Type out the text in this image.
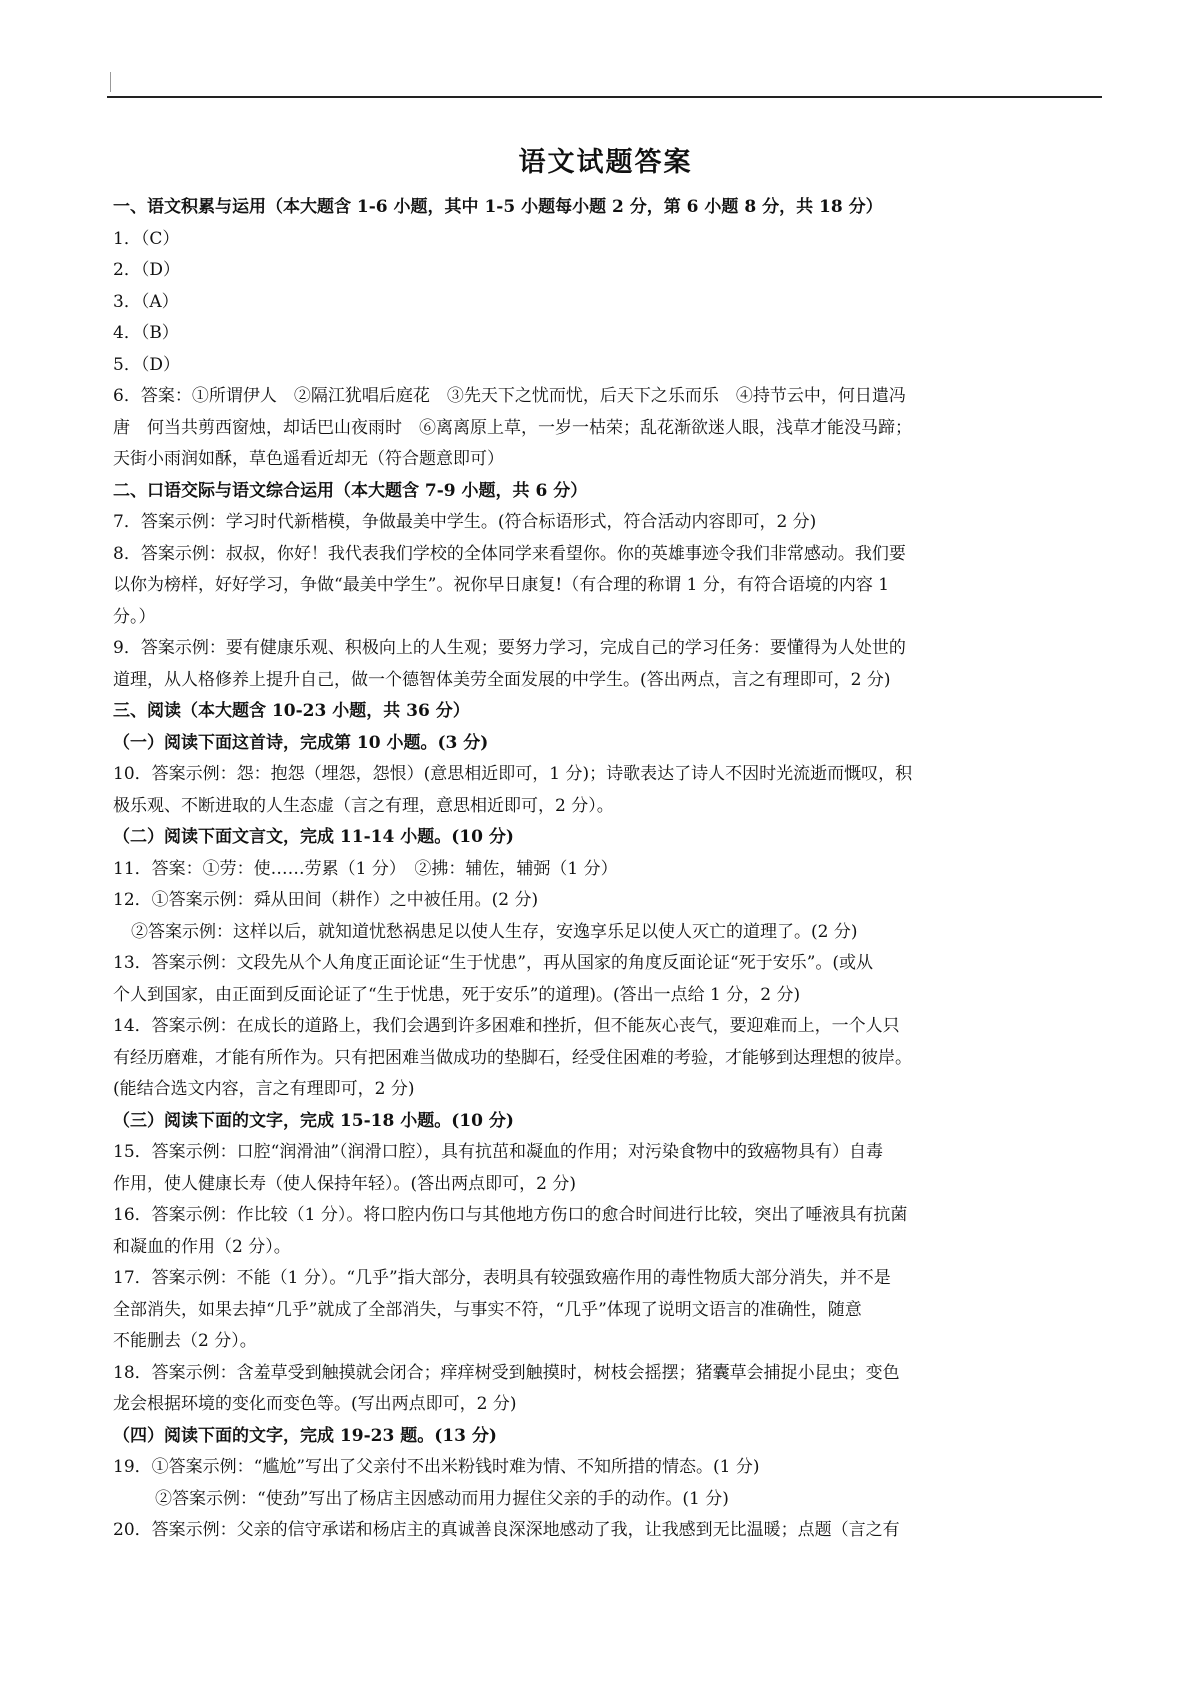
语文试题答案
一、语文积累与运用（本大题含 1-6 小题，其中 1-5 小题每小题 2 分，第 6 小题 8 分，共 18 分）
1．（C）
2．（D）
3．（A）
4．（B）
5．（D）
6．答案：①所谓伊人　②隔江犹唱后庭花　③先天下之忧而忧，后天下之乐而乐　④持节云中，何日遣冯
唐　何当共剪西窗烛，却话巴山夜雨时　⑥离离原上草，一岁一枯荣；乱花渐欲迷人眼，浅草才能没马蹄；
天街小雨润如酥，草色遥看近却无（符合题意即可）
二、口语交际与语文综合运用（本大题含 7-9 小题，共 6 分）
7．答案示例：学习时代新楷模，争做最美中学生。(符合标语形式，符合活动内容即可，2 分)
8．答案示例：叔叔，你好！我代表我们学校的全体同学来看望你。你的英雄事迹令我们非常感动。我们要
以你为榜样，好好学习，争做“最美中学生”。祝你早日康复!（有合理的称谓 1 分，有符合语境的内容 1
分。）
9．答案示例：要有健康乐观、积极向上的人生观；要努力学习，完成自己的学习任务：要懂得为人处世的
道理，从人格修养上提升自己，做一个德智体美劳全面发展的中学生。(答出两点，言之有理即可，2 分)
三、阅读（本大题含 10-23 小题，共 36 分）
（一）阅读下面这首诗，完成第 10 小题。(3 分)
10．答案示例：怨：抱怨（埋怨，怨恨）(意思相近即可，1 分)；诗歌表达了诗人不因时光流逝而慨叹，积
极乐观、不断进取的人生态虚（言之有理，意思相近即可，2 分）。
（二）阅读下面文言文，完成 11-14 小题。(10 分)
11．答案：①劳：使……劳累（1 分）　②拂：辅佐，辅弼（1 分）
12．①答案示例：舜从田间（耕作）之中被任用。(2 分)
②答案示例：这样以后，就知道忧愁祸患足以使人生存，安逸享乐足以使人灭亡的道理了。(2 分)
13．答案示例：文段先从个人角度正面论证“生于忧患”，再从国家的角度反面论证“死于安乐”。(或从
个人到国家，由正面到反面论证了“生于忧患，死于安乐”的道理)。(答出一点给 1 分，2 分)
14．答案示例：在成长的道路上，我们会遇到许多困难和挫折，但不能灰心丧气，要迎难而上，一个人只
有经历磨难，才能有所作为。只有把困难当做成功的垫脚石，经受住困难的考验，才能够到达理想的彼岸。
(能结合选文内容，言之有理即可，2 分)
（三）阅读下面的文字，完成 15-18 小题。(10 分)
15．答案示例：口腔“润滑油”（润滑口腔），具有抗茁和凝血的作用；对污染食物中的致癌物具有）自毒
作用，使人健康长寿（使人保持年轻）。(答出两点即可，2 分)
16．答案示例：作比较（1 分）。将口腔内伤口与其他地方伤口的愈合时间进行比较，突出了唾液具有抗菌
和凝血的作用（2 分）。
17．答案示例：不能（1 分）。“几乎”指大部分，表明具有较强致癌作用的毒性物质大部分消失，并不是
全部消失，如果去掉“几乎”就成了全部消失，与事实不符，“几乎”体现了说明文语言的准确性，随意
不能删去（2 分）。
18．答案示例：含羞草受到触摸就会闭合；痒痒树受到触摸时，树枝会摇摆；猪囊草会捕捉小昆虫；变色
龙会根据环境的变化而变色等。(写出两点即可，2 分)
（四）阅读下面的文字，完成 19-23 题。(13 分)
19．①答案示例：“尴尬”写出了父亲付不出米粉钱时难为情、不知所措的情态。(1 分)
②答案示例：“使劲”写出了杨店主因感动而用力握住父亲的手的动作。(1 分)
20．答案示例：父亲的信守承诺和杨店主的真诚善良深深地感动了我，让我感到无比温暖；点题（言之有
